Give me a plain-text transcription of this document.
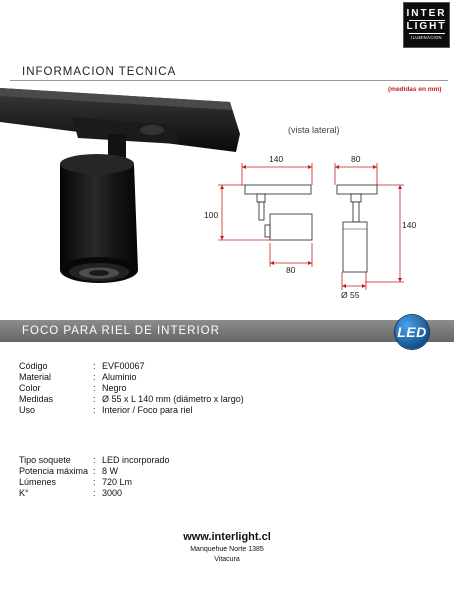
INTER
LIGHT
ILUMINACION
INFORMACION TECNICA
(medidas en mm)
(vista lateral)
140
100
80
80
140
Ø 55
FOCO PARA RIEL DE INTERIOR	LED
Código	: EVF00067
Material	: Aluminio
Color	: Negro
Medidas	: Ø 55 x L 140 mm (diámetro x largo)
Uso	: Interior / Foco para riel
Tipo soquete : LED incorporado
Potencia máxima : 8 W
Lúmenes	: 720 Lm
K°	: 3000
www.interlight.cl
Manquehue Norte 1385
Vitacura
